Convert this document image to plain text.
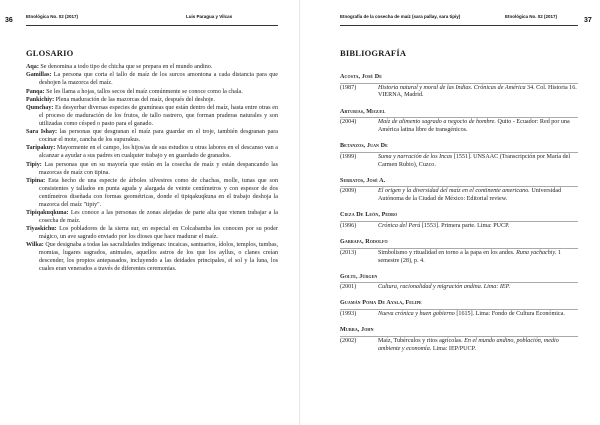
Etnológica No. 02 (2017)	Luis Paragua y Vilcas
36
GLOSARIO
Aqa: Se denomina a todo tipo de chicha que se prepara en el mundo andino.
Gamillas: La persona que corta el tallo de maíz de los surcos amontona a cada distancia para que deshojen la mazorca del maíz.
Panqa: Se les llama a hojas, tallos secos del maíz comúnmente se conoce como la chala.
Pankichiy: Plena maduración de las mazorcas del maíz, después del deshoje.
Qumchay: Es desyerbar diversas especies de gramíneas que están dentro del maíz, hasta entre otras en el proceso de maduración de los frutos, de tallo rastrero, que forman praderas naturales y son utilizadas como césped o pasto para el ganado.
Sara Ishay: las personas que desgranan el maíz para guardar en el troje, también desgranan para cocinar el mote, cancha de los supurakus.
Taripakuy: Mayormente en el campo, los hijos/as de sus estudios u otras labores en el descanso van a alcanzar a ayudar a sus padres en cualquier trabajo y en guardado de granados.
Tipiy: Las personas que en su mayoría que están en la cosecha de maíz y están despancando las mazorcas de maíz con tipina.
Tipina: Esta hecho de una especie de árboles silvestres como de chachas, molle, tunas que son consistentes y tallados en punta aguda y alargada de veinte centímetros y con espesor de dos centímetros diseñada con formas geométricas, donde el tipiqakuqkuna en el trabajo deshoja la mazorca del maíz "tipiy".
Tipiqakuqkuna: Les conoce a las personas de zonas alejadas de parte alta que vienen trabajar a la cosecha de maíz.
Tiyaskichu: Los pobladores de la sierra sur, en especial en Colcabamba les conocen por su poder mágico, un ave sagrado enviado por los dioses que hace madurar el maíz.
Wilka: Que designaba a todas las sacralidades indígenas: incaicas, santuarios, ídolos, templos, tumbas, momias, lugares sagrados, animales, aquellos astros de los que los ayllus, o clanes creían descender, los propios antepasados, incluyendo a las deidades principales, el sol y la luna, los cuales eran venerados a través de diferentes ceremonias.
Etnografía de la cosecha de maíz (sara pallay, sara tipiy)	Etnológica No. 02 (2017)
37
BIBLIOGRAFÍA
Acosta, José De
(1987)	Historia natural y moral de las Indias. Crónicas de América 34. Col. Historia 16. VIERNA, Madrid.
Arturias, Miguel
(2004)	Maíz de alimento sagrado a negocio de hombre. Quito - Ecuador: Red por una América latina libre de transgénicos.
Betanzos, Juan De
(1999)	Suma y narración de los Incas [1551]. UNSAAC (Transcripción por María del Carmen Rubio), Cuzco.
Serratos, José A.
(2009)	El origen y la diversidad del maíz en el continente americano. Universidad Autónoma de la Ciudad de México: Editorial review.
Cieza De León, Pedro
(1996)	Crónica del Perú [1553]. Primera parte. Lima: PUCP.
Garrafa, Rodolfo
(2013)	Simbolismo y ritualidad en torno a la papa en los andes. Runa yachachiy. 1 semestre (28), p. 4.
Golte, Jürgen
(2001)	Cultura, racionalidad y migración andina. Lima: IEP.
Guamán Poma De Ayala, Felipe
(1993)	Nueva crónica y buen gobierno [1615]. Lima: Fondo de Cultura Económica.
Murra, John
(2002)	Maíz, Tubérculos y ritos agrícolas. En el mundo andino, población, medio ambiente y economía. Lima: IEP/PUCP.
